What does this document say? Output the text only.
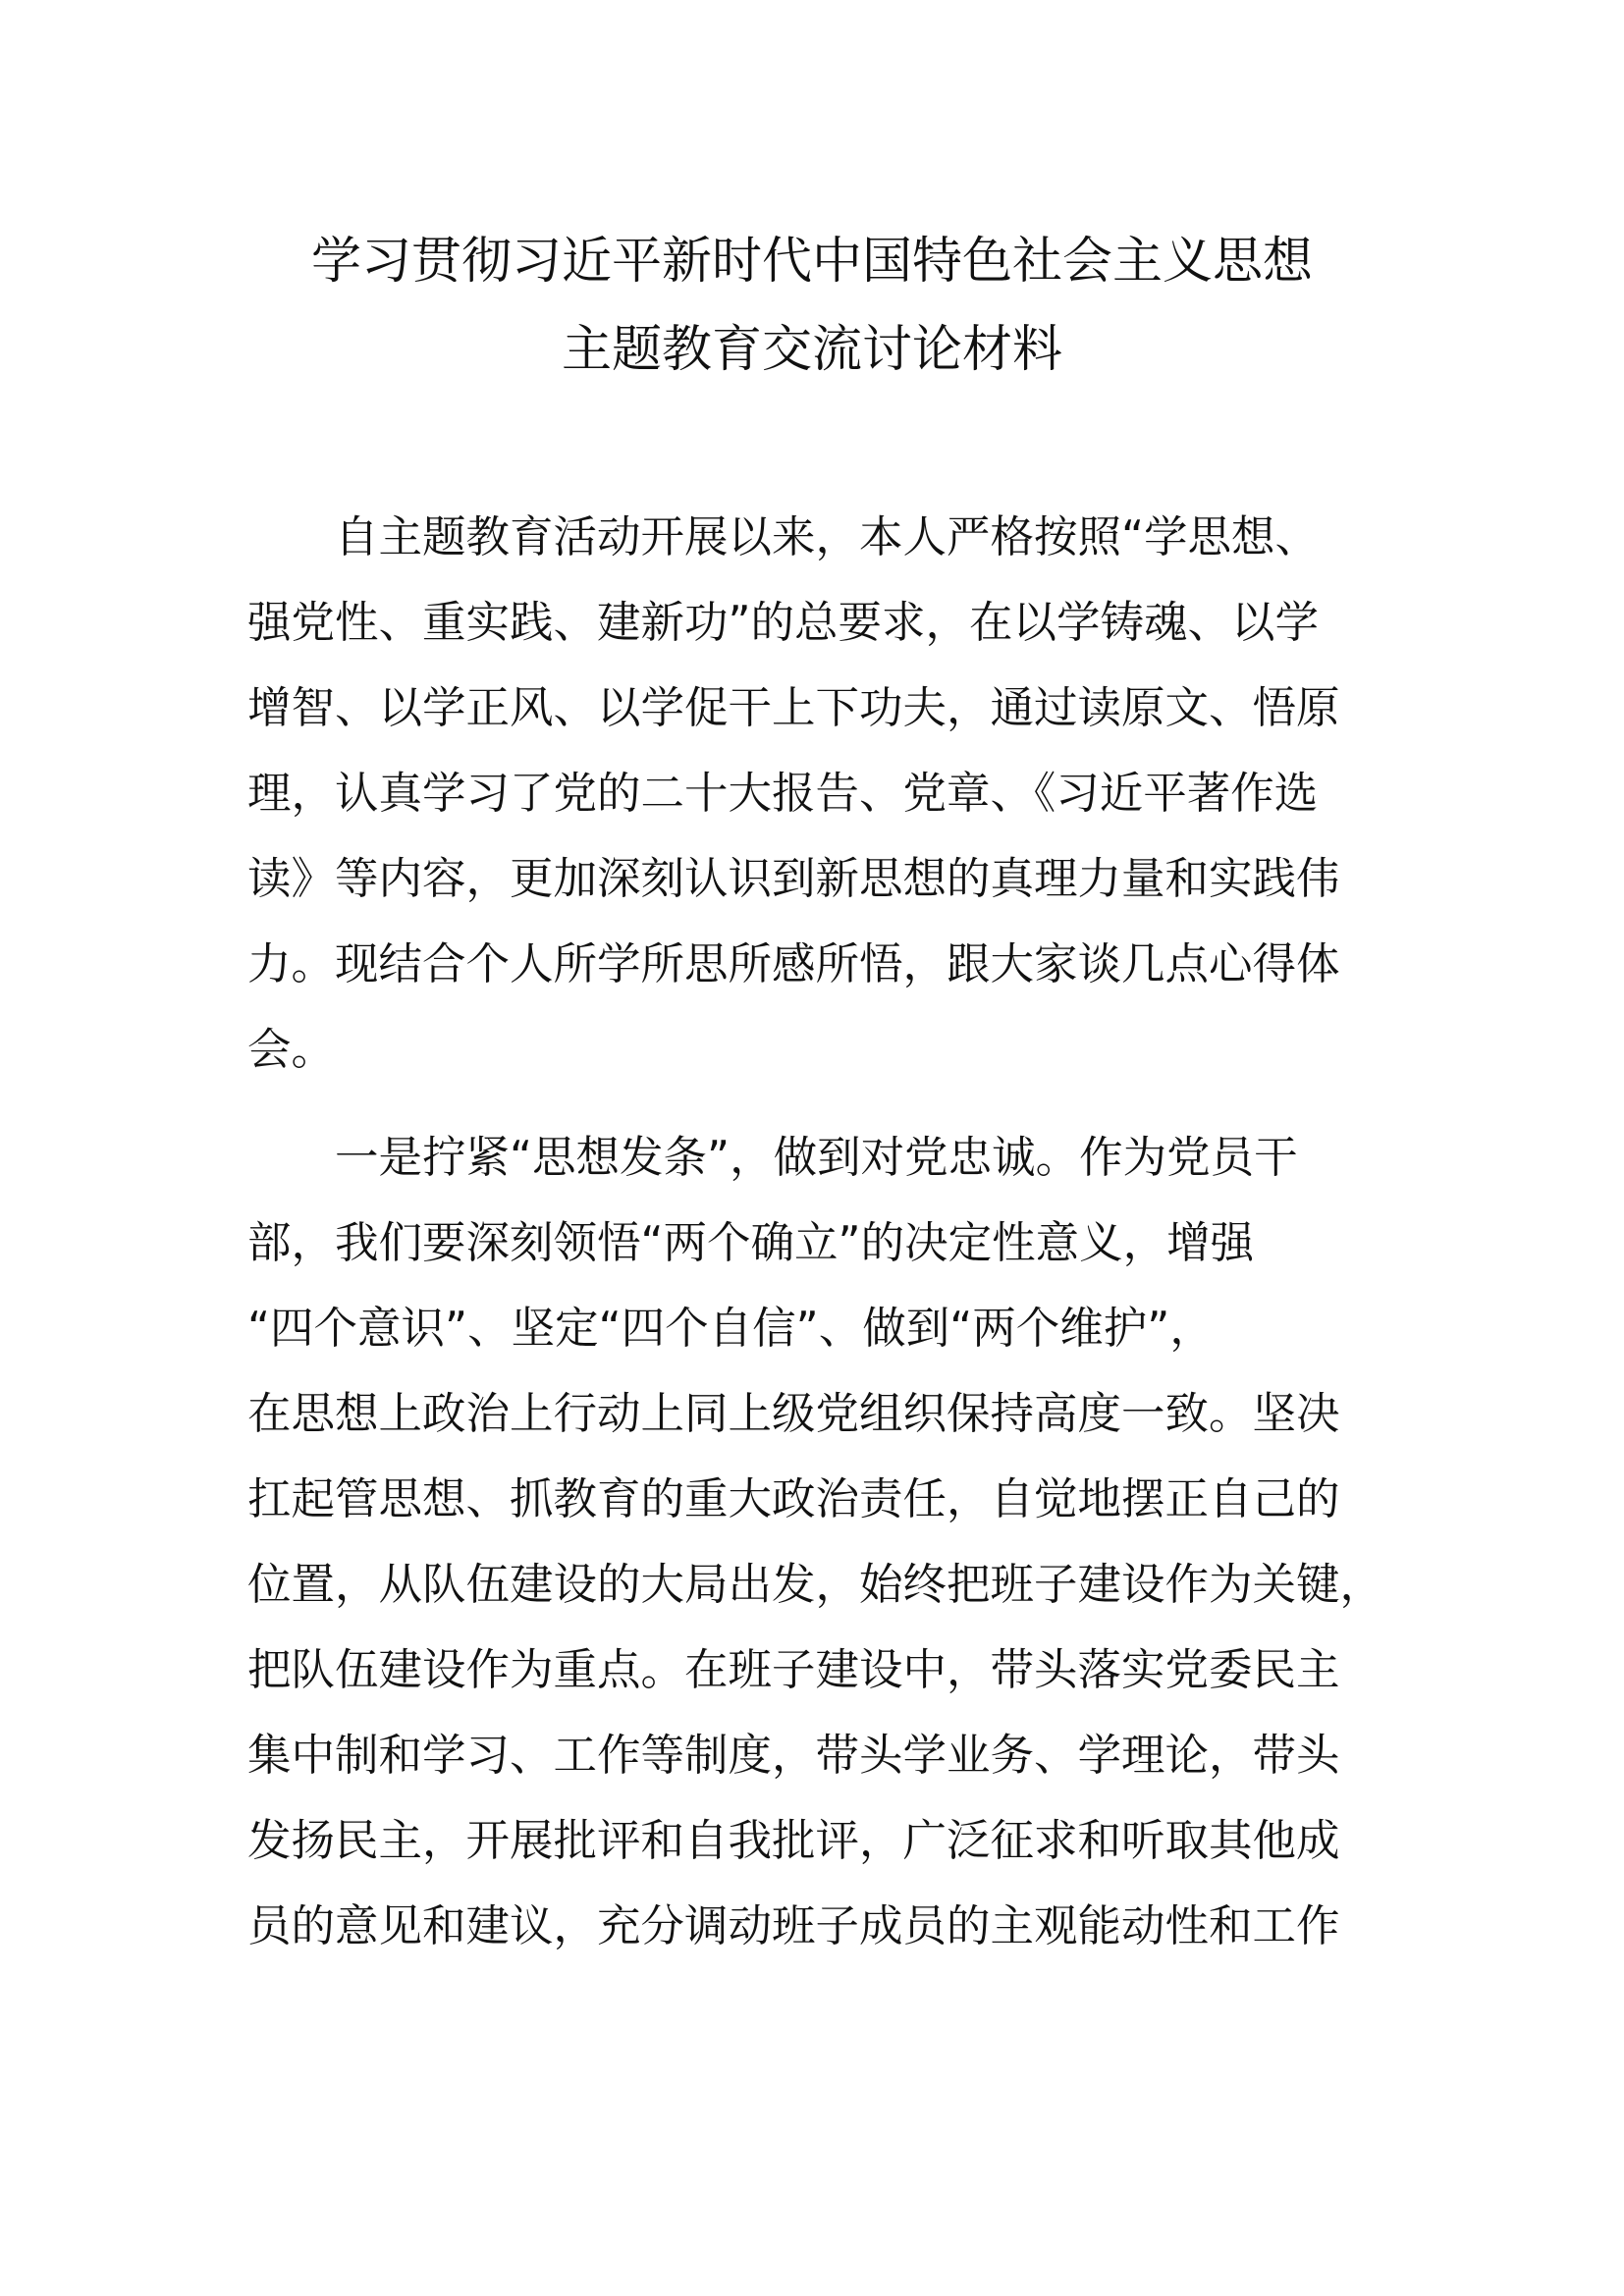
学习贯彻习近平新时代中国特色社会主义思想
主题教育交流讨论材料
自主题教育活动开展以来，本人严格按照“学思想、
强党性、重实践、建新功”的总要求，在以学铸魂、以学
增智、以学正风、以学促干上下功夫，通过读原文、悟原
理，认真学习了党的二十大报告、党章、《习近平著作选
读》等内容，更加深刻认识到新思想的真理力量和实践伟
力。现结合个人所学所思所感所悟，跟大家谈几点心得体
会。
一是拧紧“思想发条”，做到对党忠诚。作为党员干
部，我们要深刻领悟“两个确立”的决定性意义，增强
“四个意识”、坚定“四个自信”、做到“两个维护”，
在思想上政治上行动上同上级党组织保持高度一致。坚决
扛起管思想、抓教育的重大政治责任，自觉地摆正自己的
位置，从队伍建设的大局出发，始终把班子建设作为关键，
把队伍建设作为重点。在班子建设中，带头落实党委民主
集中制和学习、工作等制度，带头学业务、学理论，带头
发扬民主，开展批评和自我批评，广泛征求和听取其他成
员的意见和建议，充分调动班子成员的主观能动性和工作
